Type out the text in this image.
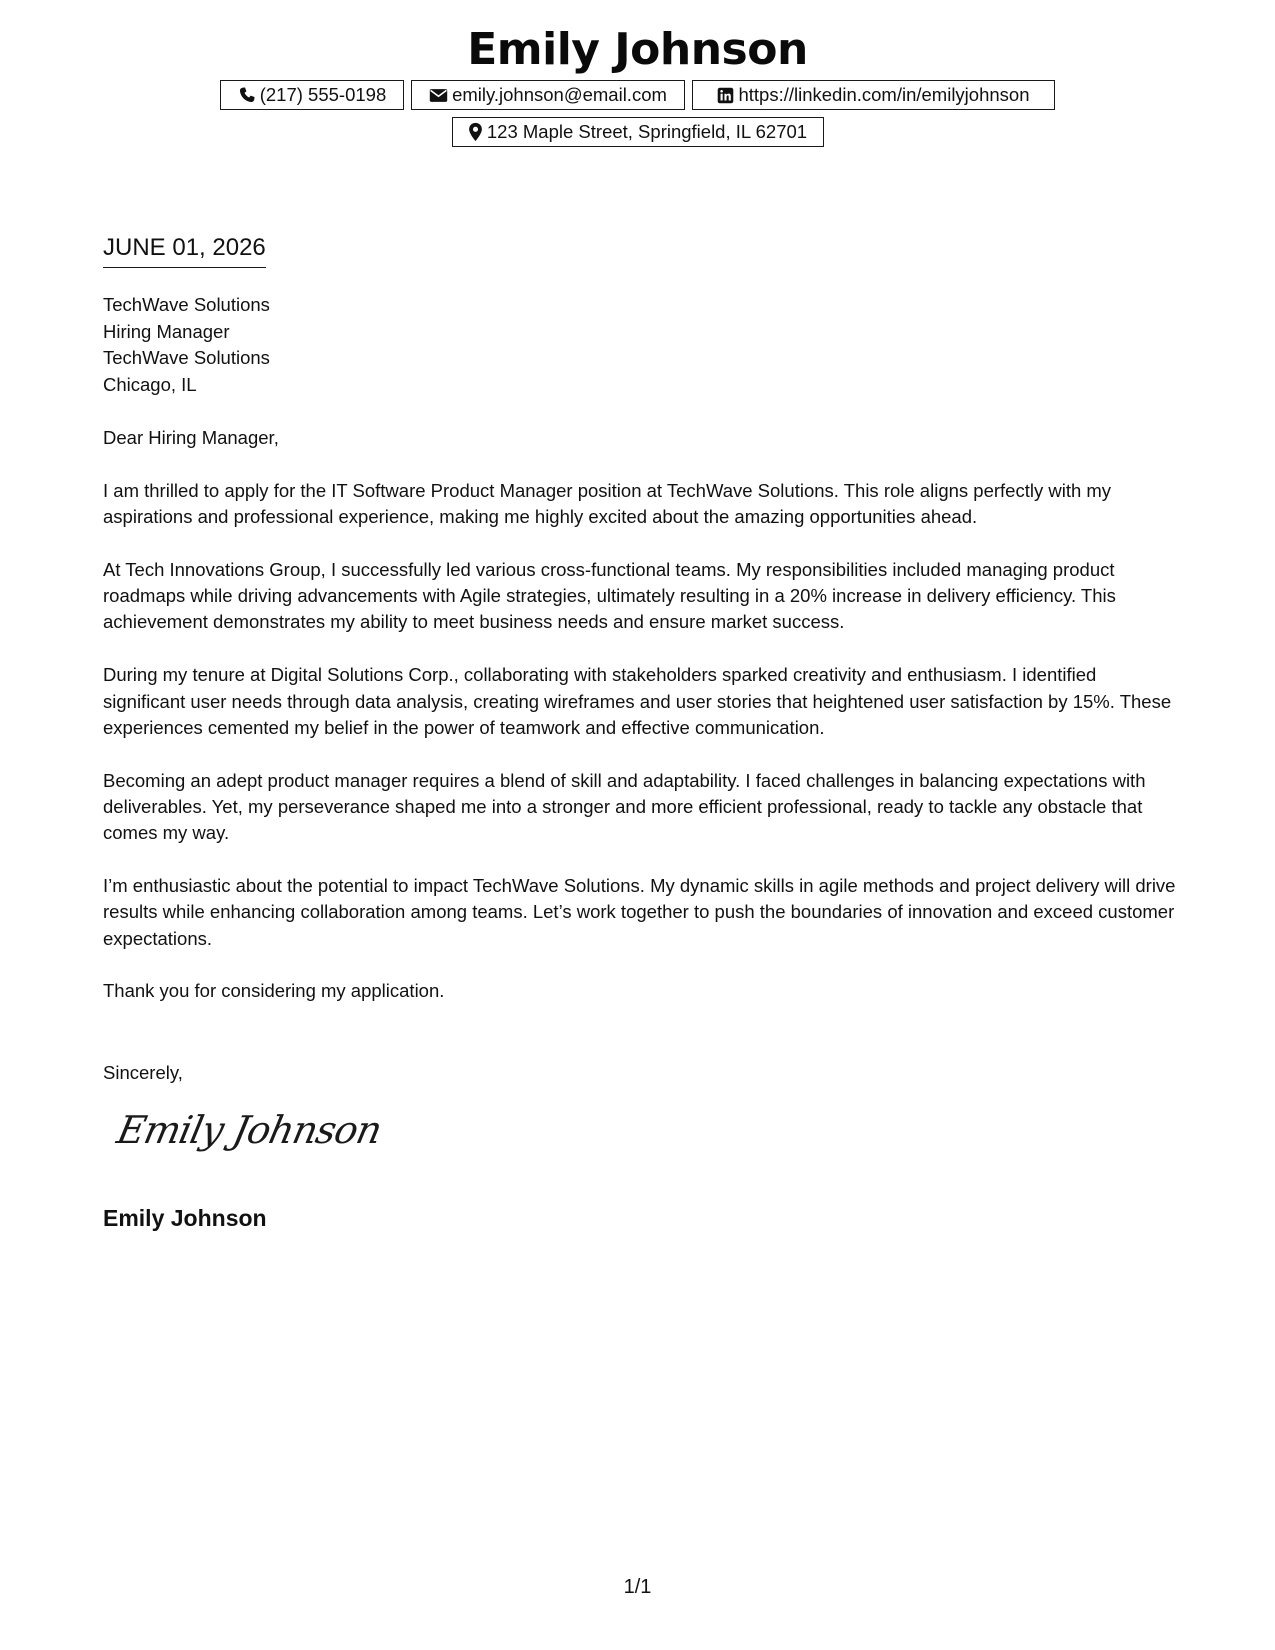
Emily Johnson
(217) 555-0198	emily.johnson@email.com	https://linkedin.com/in/emilyjohnson
123 Maple Street, Springfield, IL 62701
JUNE 01, 2026
TechWave Solutions
Hiring Manager
TechWave Solutions
Chicago, IL

Dear Hiring Manager,

I am thrilled to apply for the IT Software Product Manager position at TechWave Solutions. This role aligns perfectly with my aspirations and professional experience, making me highly excited about the amazing opportunities ahead.

At Tech Innovations Group, I successfully led various cross-functional teams. My responsibilities included managing product roadmaps while driving advancements with Agile strategies, ultimately resulting in a 20% increase in delivery efficiency. This achievement demonstrates my ability to meet business needs and ensure market success.

During my tenure at Digital Solutions Corp., collaborating with stakeholders sparked creativity and enthusiasm. I identified significant user needs through data analysis, creating wireframes and user stories that heightened user satisfaction by 15%. These experiences cemented my belief in the power of teamwork and effective communication.

Becoming an adept product manager requires a blend of skill and adaptability. I faced challenges in balancing expectations with deliverables. Yet, my perseverance shaped me into a stronger and more efficient professional, ready to tackle any obstacle that comes my way.

I’m enthusiastic about the potential to impact TechWave Solutions. My dynamic skills in agile methods and project delivery will drive results while enhancing collaboration among teams. Let’s work together to push the boundaries of innovation and exceed customer expectations.

Thank you for considering my application.

Sincerely,
Emily Johnson
Emily Johnson
1/1
